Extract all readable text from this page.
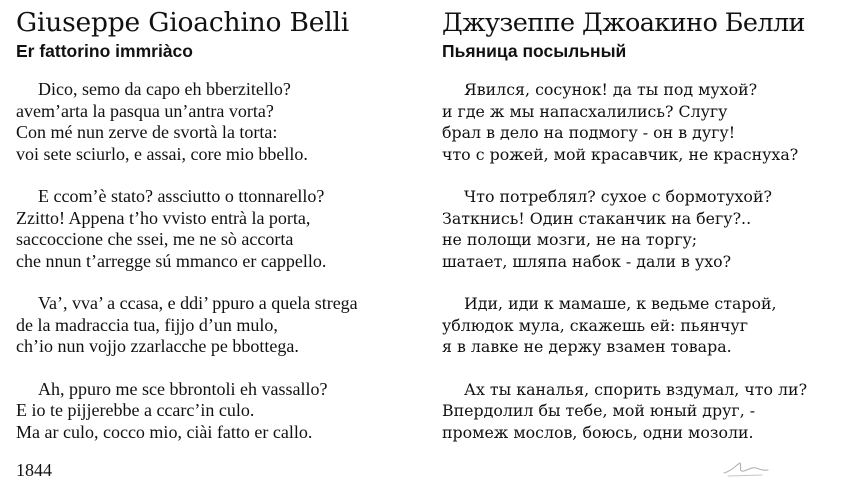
Giuseppe Gioachino Belli
Er fattorino immriàco
Dico, semo da capo eh bberzitello?
avem’arta la pasqua un’antra vorta?
Con mé nun zerve de svortà la torta:
voi sete sciurlo, e assai, core mio bbello.
E ccom’è stato? assciutto o ttonnarello?
Zzitto! Appena t’ho vvisto entrà la porta,
saccoccione che ssei, me ne sò accorta
che nnun t’arregge sú mmanco er cappello.
Va’, vva’ a ccasa, e ddi’ ppuro a quela strega
de la madraccia tua, fijjo d’un mulo,
ch’io nun vojjo zzarlacche pe bbottega.
Ah, ppuro me sce bbrontoli eh vassallo?
E io te pijjerebbe a ccarc’in culo.
Ma ar culo, cocco mio, ciài fatto er callo.
1844
Джузеппе Джоакино Белли
Пьяница посыльный
Явился, сосунок! да ты под мухой?
и где ж мы напасхалились? Слугу
брал в дело на подмогу - он в дугу!
что с рожей, мой красавчик, не краснуха?
Что потреблял? сухое с бормотухой?
Заткнись! Один стаканчик на бегу?..
не полощи мозги, не на торгу;
шатает, шляпа набок - дали в ухо?
Иди, иди к мамаше, к ведьме старой,
ублюдок мула, скажешь ей: пьянчуг
я в лавке не держу взамен товара.
Ах ты каналья, спорить вздумал, что ли?
Впердолил бы тебе, мой юный друг, -
промеж мослов, боюсь, одни мозоли.
